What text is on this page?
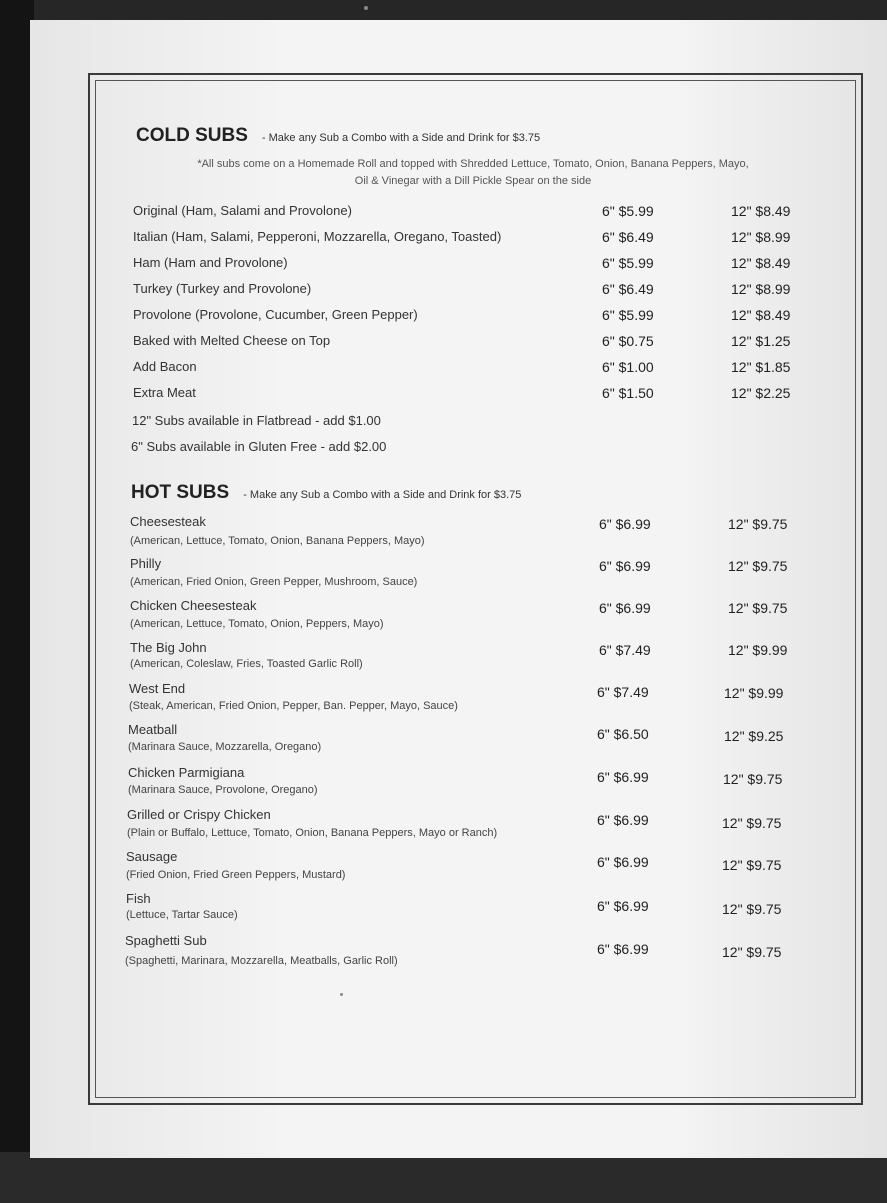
COLD SUBS - Make any Sub a Combo with a Side and Drink for $3.75
*All subs come on a Homemade Roll and topped with Shredded Lettuce, Tomato, Onion, Banana Peppers, Mayo,
Oil & Vinegar with a Dill Pickle Spear on the side
Original (Ham, Salami and Provolone)	6" $5.99	12" $8.49
Italian (Ham, Salami, Pepperoni, Mozzarella, Oregano, Toasted)	6" $6.49	12" $8.99
Ham (Ham and Provolone)	6" $5.99	12" $8.49
Turkey (Turkey and Provolone)	6" $6.49	12" $8.99
Provolone (Provolone, Cucumber, Green Pepper)	6" $5.99	12" $8.49
Baked with Melted Cheese on Top	6" $0.75	12" $1.25
Add Bacon	6" $1.00	12" $1.85
Extra Meat	6" $1.50	12" $2.25
12" Subs available in Flatbread - add $1.00
6" Subs available in Gluten Free - add $2.00
HOT SUBS - Make any Sub a Combo with a Side and Drink for $3.75
Cheesesteak
(American, Lettuce, Tomato, Onion, Banana Peppers, Mayo)
6" $6.99	12" $9.75
Philly
(American, Fried Onion, Green Pepper, Mushroom, Sauce)
6" $6.99	12" $9.75
Chicken Cheesesteak
(American, Lettuce, Tomato, Onion, Peppers, Mayo)
6" $6.99	12" $9.75
The Big John
(American, Coleslaw, Fries, Toasted Garlic Roll)
6" $7.49	12" $9.99
West End
(Steak, American, Fried Onion, Pepper, Ban. Pepper, Mayo, Sauce)
6" $7.49	12" $9.99
Meatball
(Marinara Sauce, Mozzarella, Oregano)
6" $6.50	12" $9.25
Chicken Parmigiana
(Marinara Sauce, Provolone, Oregano)
6" $6.99	12" $9.75
Grilled or Crispy Chicken
(Plain or Buffalo, Lettuce, Tomato, Onion, Banana Peppers, Mayo or Ranch)
6" $6.99	12" $9.75
Sausage
(Fried Onion, Fried Green Peppers, Mustard)
6" $6.99	12" $9.75
Fish
(Lettuce, Tartar Sauce)
6" $6.99	12" $9.75
Spaghetti Sub
(Spaghetti, Marinara, Mozzarella, Meatballs, Garlic Roll)
6" $6.99	12" $9.75
